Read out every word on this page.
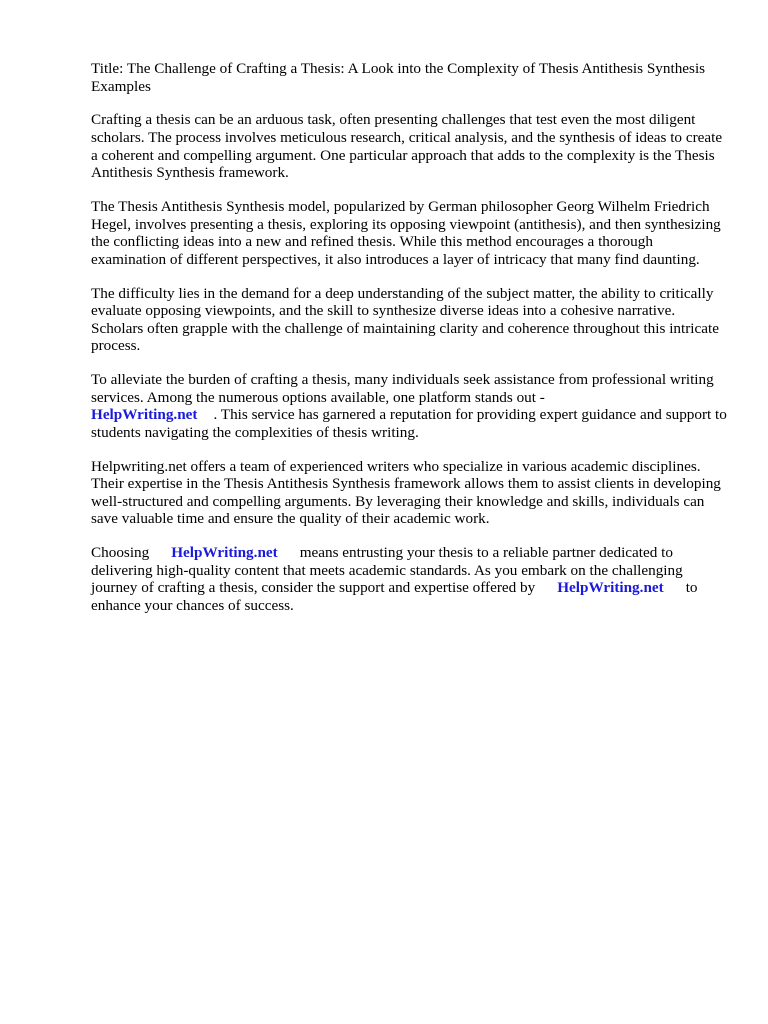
Title: The Challenge of Crafting a Thesis: A Look into the Complexity of Thesis Antithesis Synthesis Examples

Crafting a thesis can be an arduous task, often presenting challenges that test even the most diligent scholars. The process involves meticulous research, critical analysis, and the synthesis of ideas to create a coherent and compelling argument. One particular approach that adds to the complexity is the Thesis Antithesis Synthesis framework.

The Thesis Antithesis Synthesis model, popularized by German philosopher Georg Wilhelm Friedrich Hegel, involves presenting a thesis, exploring its opposing viewpoint (antithesis), and then synthesizing the conflicting ideas into a new and refined thesis. While this method encourages a thorough examination of different perspectives, it also introduces a layer of intricacy that many find daunting.

The difficulty lies in the demand for a deep understanding of the subject matter, the ability to critically evaluate opposing viewpoints, and the skill to synthesize diverse ideas into a cohesive narrative. Scholars often grapple with the challenge of maintaining clarity and coherence throughout this intricate process.

To alleviate the burden of crafting a thesis, many individuals seek assistance from professional writing services. Among the numerous options available, one platform stands out -
HelpWriting.net . This service has garnered a reputation for providing expert guidance and support to students navigating the complexities of thesis writing.

Helpwriting.net offers a team of experienced writers who specialize in various academic disciplines. Their expertise in the Thesis Antithesis Synthesis framework allows them to assist clients in developing well-structured and compelling arguments. By leveraging their knowledge and skills, individuals can save valuable time and ensure the quality of their academic work.

Choosing HelpWriting.net means entrusting your thesis to a reliable partner dedicated to delivering high-quality content that meets academic standards. As you embark on the challenging journey of crafting a thesis, consider the support and expertise offered by HelpWriting.net to enhance your chances of success.
